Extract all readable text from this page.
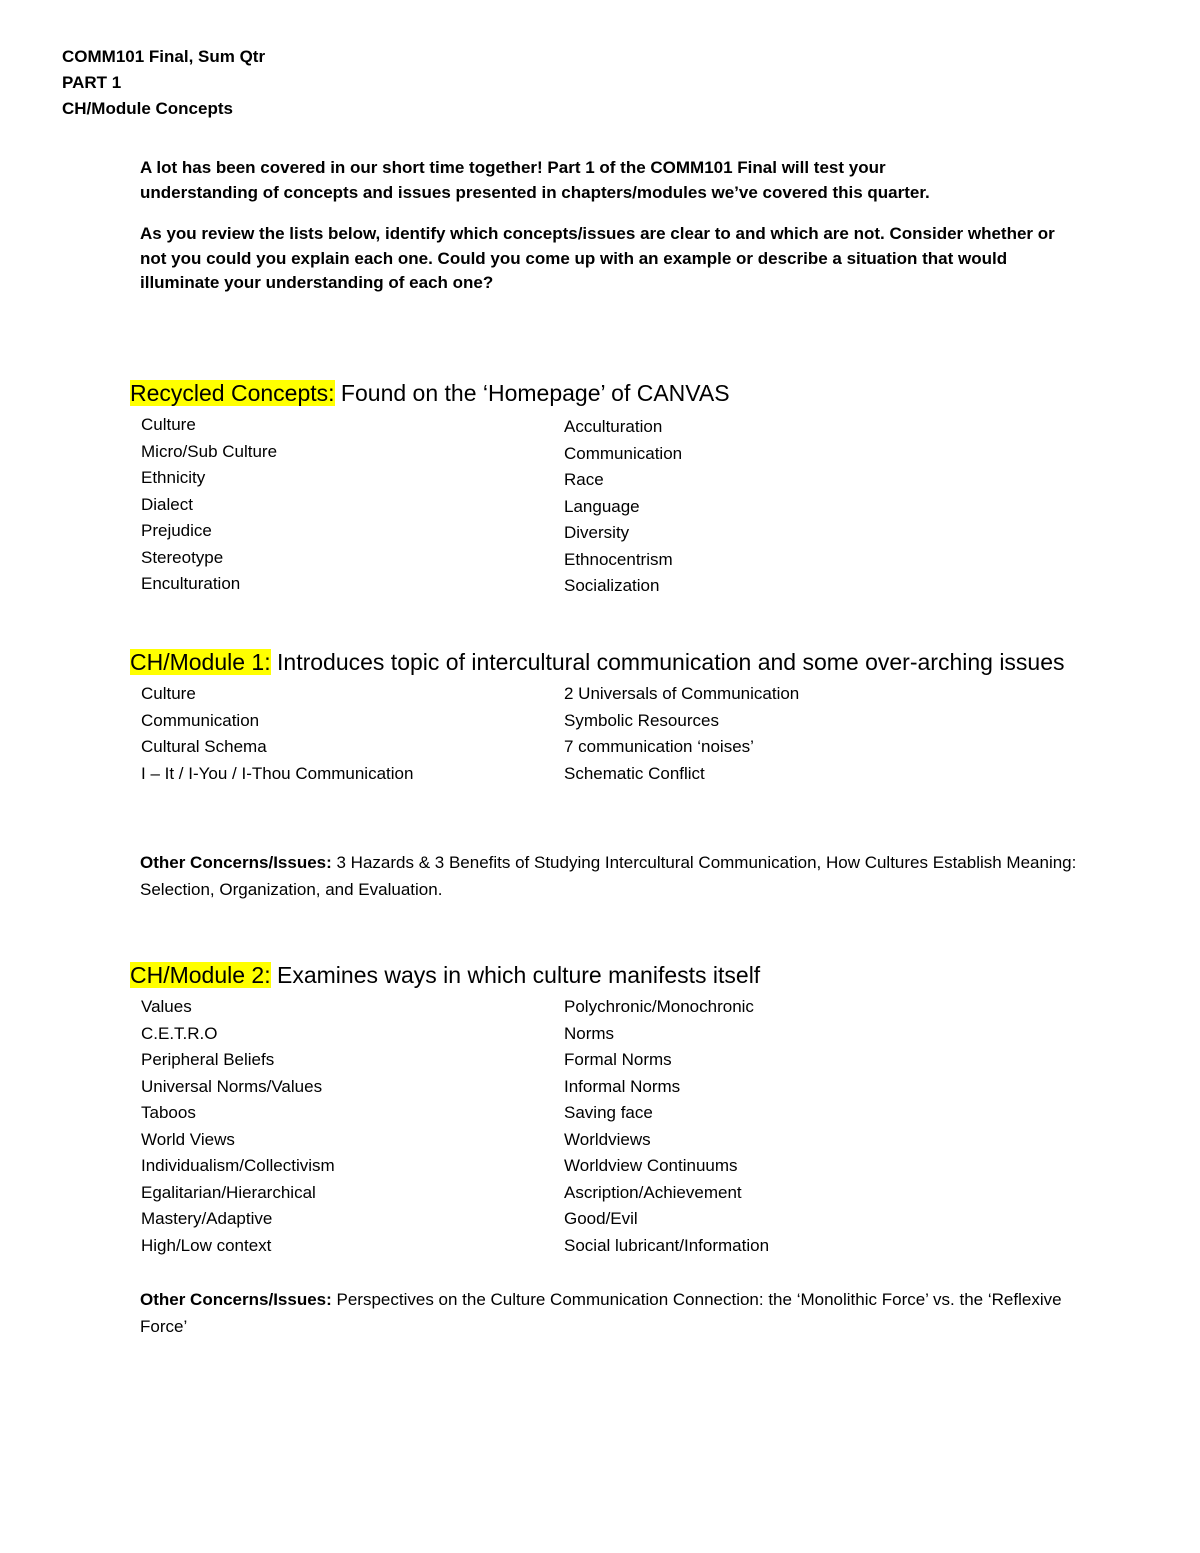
COMM101 Final, Sum Qtr
PART 1
CH/Module Concepts

A lot has been covered in our short time together! Part 1 of the COMM101 Final will test your understanding of concepts and issues presented in chapters/modules we’ve covered this quarter.

As you review the lists below, identify which concepts/issues are clear to and which are not. Consider whether or not you could you explain each one. Could you come up with an example or describe a situation that would illuminate your understanding of each one?

Recycled Concepts: Found on the ‘Homepage’ of CANVAS
Culture
Micro/Sub Culture
Ethnicity
Dialect
Prejudice
Stereotype
Enculturation
Acculturation
Communication
Race
Language
Diversity
Ethnocentrism
Socialization
CH/Module 1: Introduces topic of intercultural communication and some over-arching issues
Culture
Communication
Cultural Schema
I – It / I-You / I-Thou Communication
2 Universals of Communication
Symbolic Resources
7 communication ‘noises’
Schematic Conflict
Other Concerns/Issues: 3 Hazards & 3 Benefits of Studying Intercultural Communication, How Cultures Establish Meaning: Selection, Organization, and Evaluation.
CH/Module 2: Examines ways in which culture manifests itself
Values
C.E.T.R.O
Peripheral Beliefs
Universal Norms/Values
Taboos
World Views
Individualism/Collectivism
Egalitarian/Hierarchical
Mastery/Adaptive
High/Low context
Polychronic/Monochronic
Norms
Formal Norms
Informal Norms
Saving face
Worldviews
Worldview Continuums
Ascription/Achievement
Good/Evil
Social lubricant/Information
Other Concerns/Issues: Perspectives on the Culture Communication Connection: the ‘Monolithic Force’ vs. the ‘Reflexive Force’
